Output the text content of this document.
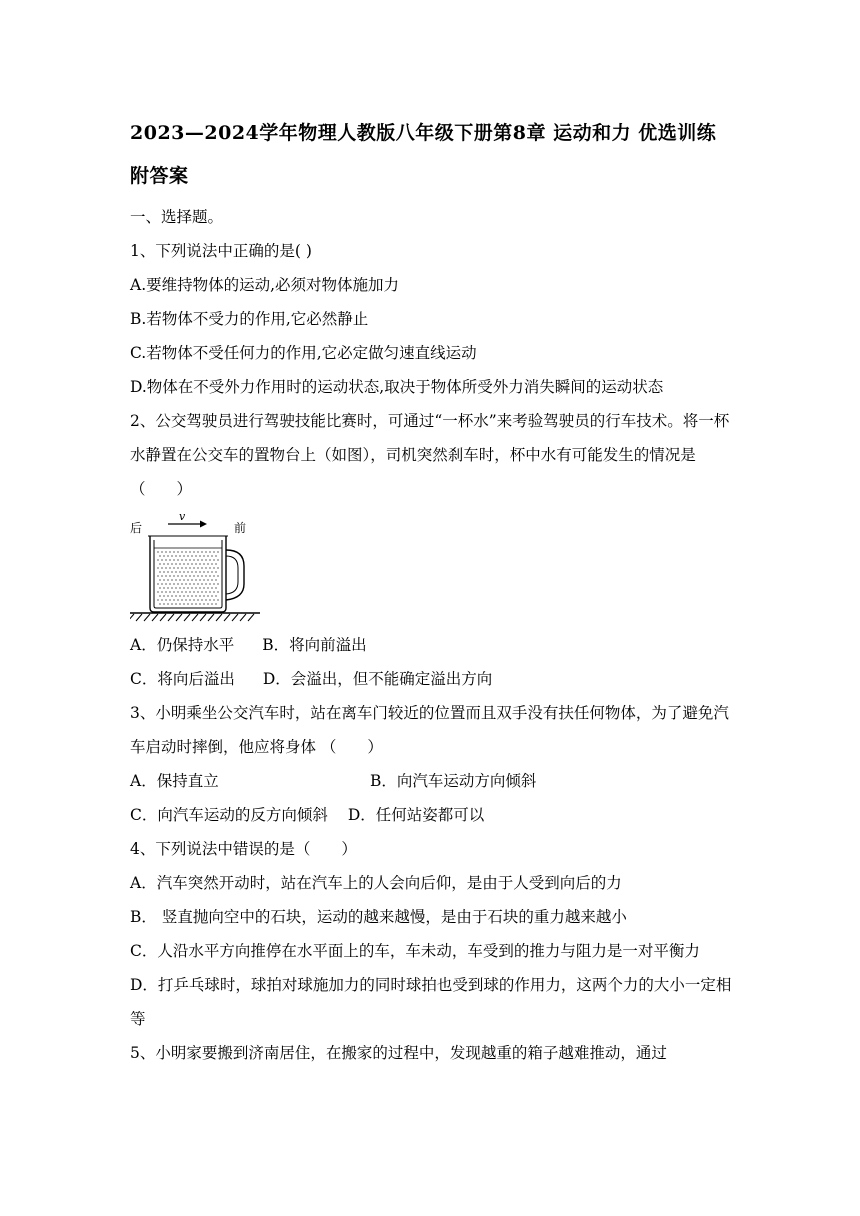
2023—2024学年物理人教版八年级下册第8章 运动和力 优选训练
附答案
一、选择题。
1、下列说法中正确的是( )
A.要维持物体的运动,必须对物体施加力
B.若物体不受力的作用,它必然静止
C.若物体不受任何力的作用,它必定做匀速直线运动
D.物体在不受外力作用时的运动状态,取决于物体所受外力消失瞬间的运动状态
2、公交驾驶员进行驾驶技能比赛时，可通过“一杯水”来考验驾驶员的行车技术。将一杯水静置在公交车的置物台上（如图），司机突然刹车时，杯中水有可能发生的情况是（　　）
后	前
v
A．仍保持水平 B．将向前溢出
C．将向后溢出 D．会溢出，但不能确定溢出方向
3、小明乘坐公交汽车时，站在离车门较近的位置而且双手没有扶任何物体，为了避免汽车启动时摔倒，他应将身体 （　　）
A．保持直立	B．向汽车运动方向倾斜
C．向汽车运动的反方向倾斜 D．任何站姿都可以
4、下列说法中错误的是（　　）
A．汽车突然开动时，站在汽车上的人会向后仰，是由于人受到向后的力
B． 竖直抛向空中的石块，运动的越来越慢，是由于石块的重力越来越小
C．人沿水平方向推停在水平面上的车，车未动，车受到的推力与阻力是一对平衡力
D．打乒乓球时，球拍对球施加力的同时球拍也受到球的作用力，这两个力的大小一定相等
5、小明家要搬到济南居住，在搬家的过程中，发现越重的箱子越难推动，通过
